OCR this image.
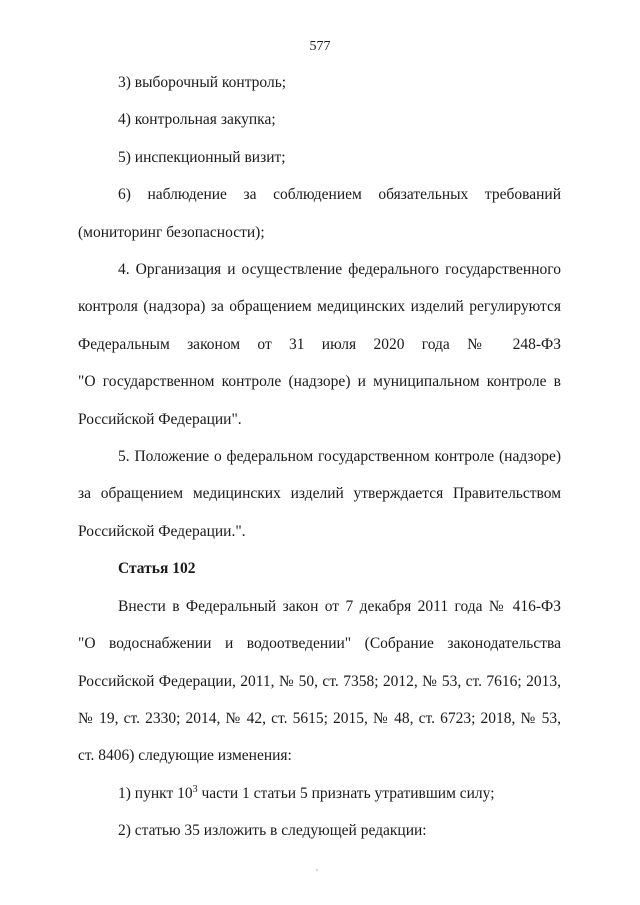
577
3) выборочный контроль;
4) контрольная закупка;
5) инспекционный визит;
6) наблюдение за соблюдением обязательных требований
(мониторинг безопасности);
4. Организация и осуществление федерального государственного
контроля (надзора) за обращением медицинских изделий регулируются
Федеральным законом от 31 июля 2020 года № 248-ФЗ
"О государственном контроле (надзоре) и муниципальном контроле в
Российской Федерации".
5. Положение о федеральном государственном контроле (надзоре)
за обращением медицинских изделий утверждается Правительством
Российской Федерации.".
Статья 102
Внести в Федеральный закон от 7 декабря 2011 года № 416-ФЗ
"О водоснабжении и водоотведении" (Собрание законодательства
Российской Федерации, 2011, № 50, ст. 7358; 2012, № 53, ст. 7616; 2013,
№ 19, ст. 2330; 2014, № 42, ст. 5615; 2015, № 48, ст. 6723; 2018, № 53,
ст. 8406) следующие изменения:
1) пункт $10^3$ части 1 статьи 5 признать утратившим силу;
2) статью 35 изложить в следующей редакции:
